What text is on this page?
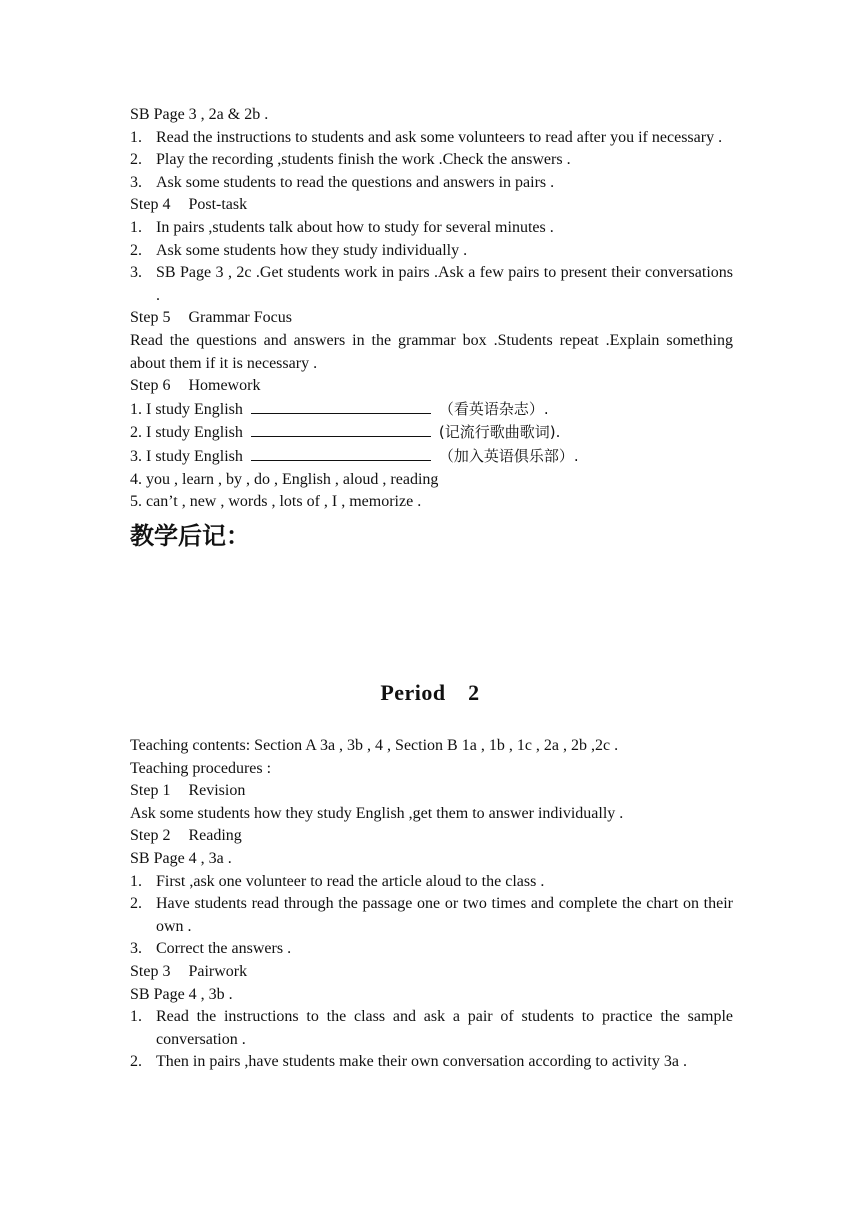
SB Page 3 , 2a & 2b .
1. Read the instructions to students and ask some volunteers to read after you if necessary .
2. Play the recording ,students finish the work .Check the answers .
3. Ask some students to read the questions and answers in pairs .
Step 4 Post-task
1. In pairs ,students talk about how to study for several minutes .
2. Ask some students how they study individually .
3. SB Page 3 , 2c .Get students work in pairs .Ask a few pairs to present their conversations .
Step 5 Grammar Focus
Read the questions and answers in the grammar box .Students repeat .Explain something about them if it is necessary .
Step 6 Homework
1. I study English	（看英语杂志）.
2. I study English	(记流行歌曲歌词).
3. I study English	（加入英语俱乐部）.
4. you , learn , by , do , English , aloud , reading
5. can’t , new , words , lots of , I , memorize .
教学后记：
Period　2
Teaching contents: Section A 3a , 3b , 4 , Section B 1a , 1b , 1c , 2a , 2b ,2c .
Teaching procedures :
Step 1 Revision
Ask some students how they study English ,get them to answer individually .
Step 2 Reading
SB Page 4 , 3a .
1. First ,ask one volunteer to read the article aloud to the class .
2. Have students read through the passage one or two times and complete the chart on their own .
3. Correct the answers .
Step 3 Pairwork
SB Page 4 , 3b .
1. Read the instructions to the class and ask a pair of students to practice the sample conversation .
2. Then in pairs ,have students make their own conversation according to activity 3a .
